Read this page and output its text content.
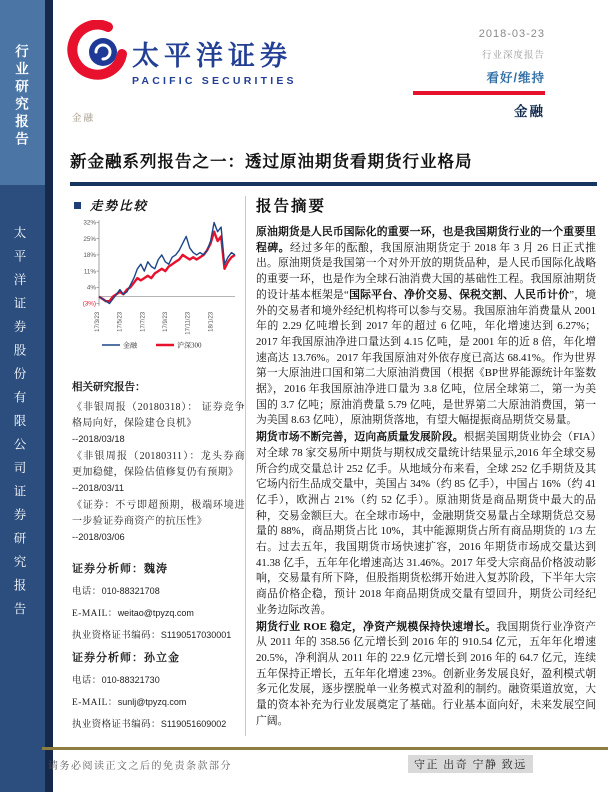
行业研究报告
太平洋证券股份有限公司证券研究报告
太平洋证券
PACIFIC SECURITIES
金融
2018-03-23
行业深度报告
看好/维持
金融
新金融系列报告之一：透过原油期货看期货行业格局
走势比较
32%
25%
18%
11%
4%
(3%)
17/3/23	17/5/23	17/7/23	17/9/23	17/11/23	18/1/23
金融	沪深300
相关研究报告：
《非银周报（20180318）： 证券竞争格局向好，保险建仓良机》
--2018/03/18
《非银周报（20180311）：龙头券商更加稳健，保险估值修复仍有预期》
--2018/03/11
《证券：不亏即超预期，极端环境进一步验证券商资产的抗压性》
--2018/03/06
证券分析师：魏涛
电话：010-88321708
E-MAIL：weitao@tpyzq.com
执业资格证书编码：S1190517030001
证券分析师：孙立金
电话：010-88321730
E-MAIL：sunlj@tpyzq.com
执业资格证书编码：S119051609002
报告摘要

原油期货是人民币国际化的重要一环，也是我国期货行业的一个重要里程碑。经过多年的酝酿，我国原油期货定于 2018 年 3 月 26 日正式推出。原油期货是我国第一个对外开放的期货品种，是人民币国际化战略的重要一环，也是作为全球石油消费大国的基础性工程。我国原油期货的设计基本框架是“国际平台、净价交易、保税交割、人民币计价”，境外的交易者和境外经纪机构将可以参与交易。我国原油年消费量从 2001 年的 2.29 亿吨增长到 2017 年的超过 6 亿吨，年化增速达到 6.27%；2017 年我国原油净进口量达到 4.15 亿吨，是 2001 年的近 8 倍，年化增速高达 13.76%。2017 年我国原油对外依存度已高达 68.41%。作为世界第一大原油进口国和第二大原油消费国（根据《BP世界能源统计年鉴数据》，2016 年我国原油净进口量为 3.8 亿吨，位居全球第二，第一为美国的 3.7 亿吨；原油消费量 5.79 亿吨，是世界第二大原油消费国，第一为美国 8.63 亿吨），原油期货落地，有望大幅提振商品期货交易量。

期货市场不断完善，迈向高质量发展阶段。根据美国期货业协会（FIA）对全球 78 家交易所中期货与期权成交量统计结果显示,2016 年全球交易所合约成交量总计 252 亿手。从地域分布来看，全球 252 亿手期货及其它场内衍生品成交量中，美国占 34%（约 85 亿手），中国占 16%（约 41 亿手），欧洲占 21%（约 52 亿手）。原油期货是商品期货中最大的品种，交易金额巨大。在全球市场中，金融期货交易量占全球期货总交易量的 88%，商品期货占比 10%，其中能源期货占所有商品期货的 1/3 左右。过去五年，我国期货市场快速扩容，2016 年期货市场成交量达到 41.38 亿手，五年年化增速高达 31.46%。2017 年受大宗商品价格波动影响，交易量有所下降，但股指期货松绑开始进入复苏阶段，下半年大宗商品价格企稳，预计 2018 年商品期货成交量有望回升，期货公司经纪业务边际改善。

期货行业 ROE 稳定，净资产规模保持快速增长。我国期货行业净资产从 2011 年的 358.56 亿元增长到 2016 年的 910.54 亿元，五年年化增速 20.5%，净利润从 2011 年的 22.9 亿元增长到 2016 年的 64.7 亿元，连续五年保持正增长，五年年化增速 23%。创新业务发展良好，盈利模式朝多元化发展，逐步摆脱单一业务模式对盈利的制约。融资渠道放宽，大量的资本补充为行业发展奠定了基础。行业基本面向好，未来发展空间广阔。

请务必阅读正文之后的免责条款部分	守正 出奇 宁静 致远
